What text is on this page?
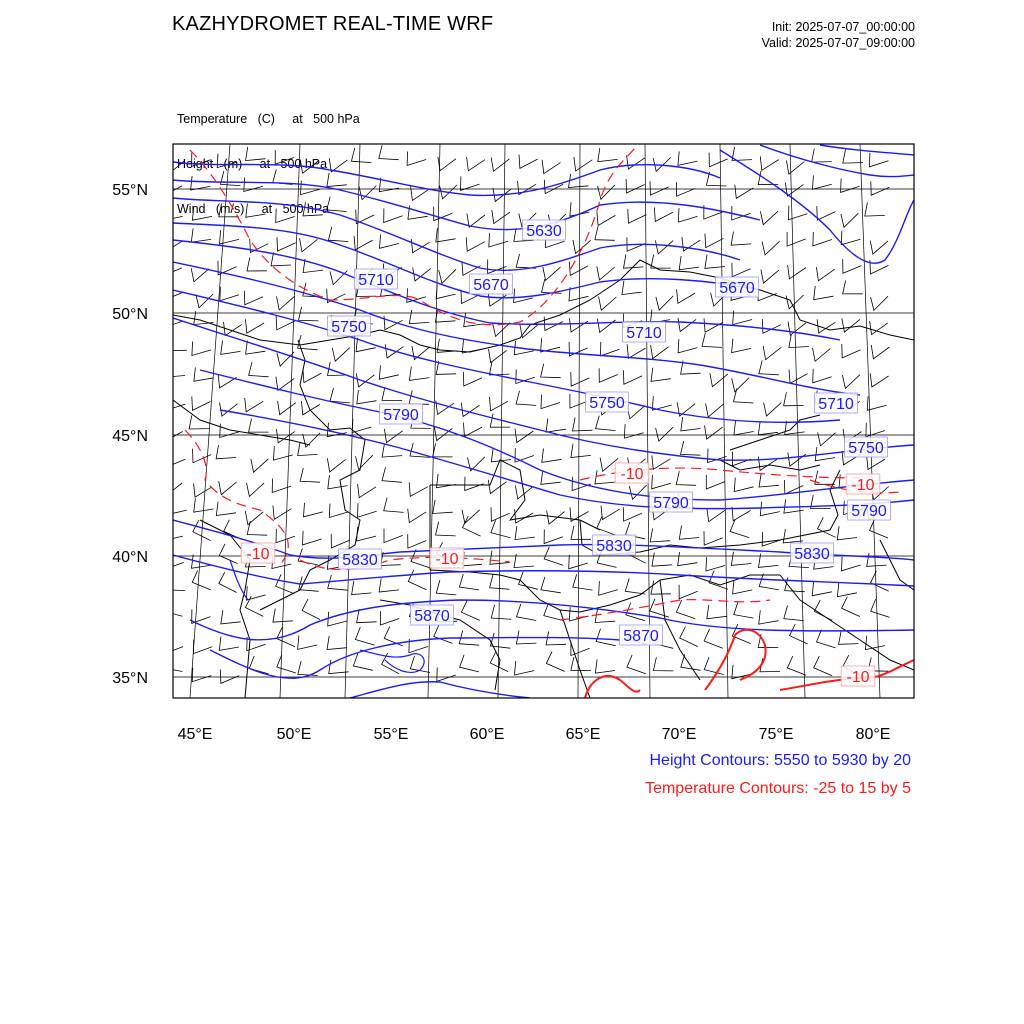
KAZHYDROMET REAL-TIME WRF	Init: 2025-07-07_00:00:00
Valid: 2025-07-07_09:00:00

Temperature   (C)     at   500 hPa

Height   (m)     at   500 hPa

Wind   (m/s)     at   500 hPa

5630
5670	5670
5710
5710
5710
5750
5750
5750
5790
5790	5790
5830
5830	5830
5870
5870
-10
-10
-10	-10
-10
55°N
50°N
45°N
40°N
35°N
45°E	50°E	55°E	60°E	65°E	70°E	75°E	80°E
Height Contours: 5550 to 5930 by 20
Temperature Contours: -25 to 15 by 5
